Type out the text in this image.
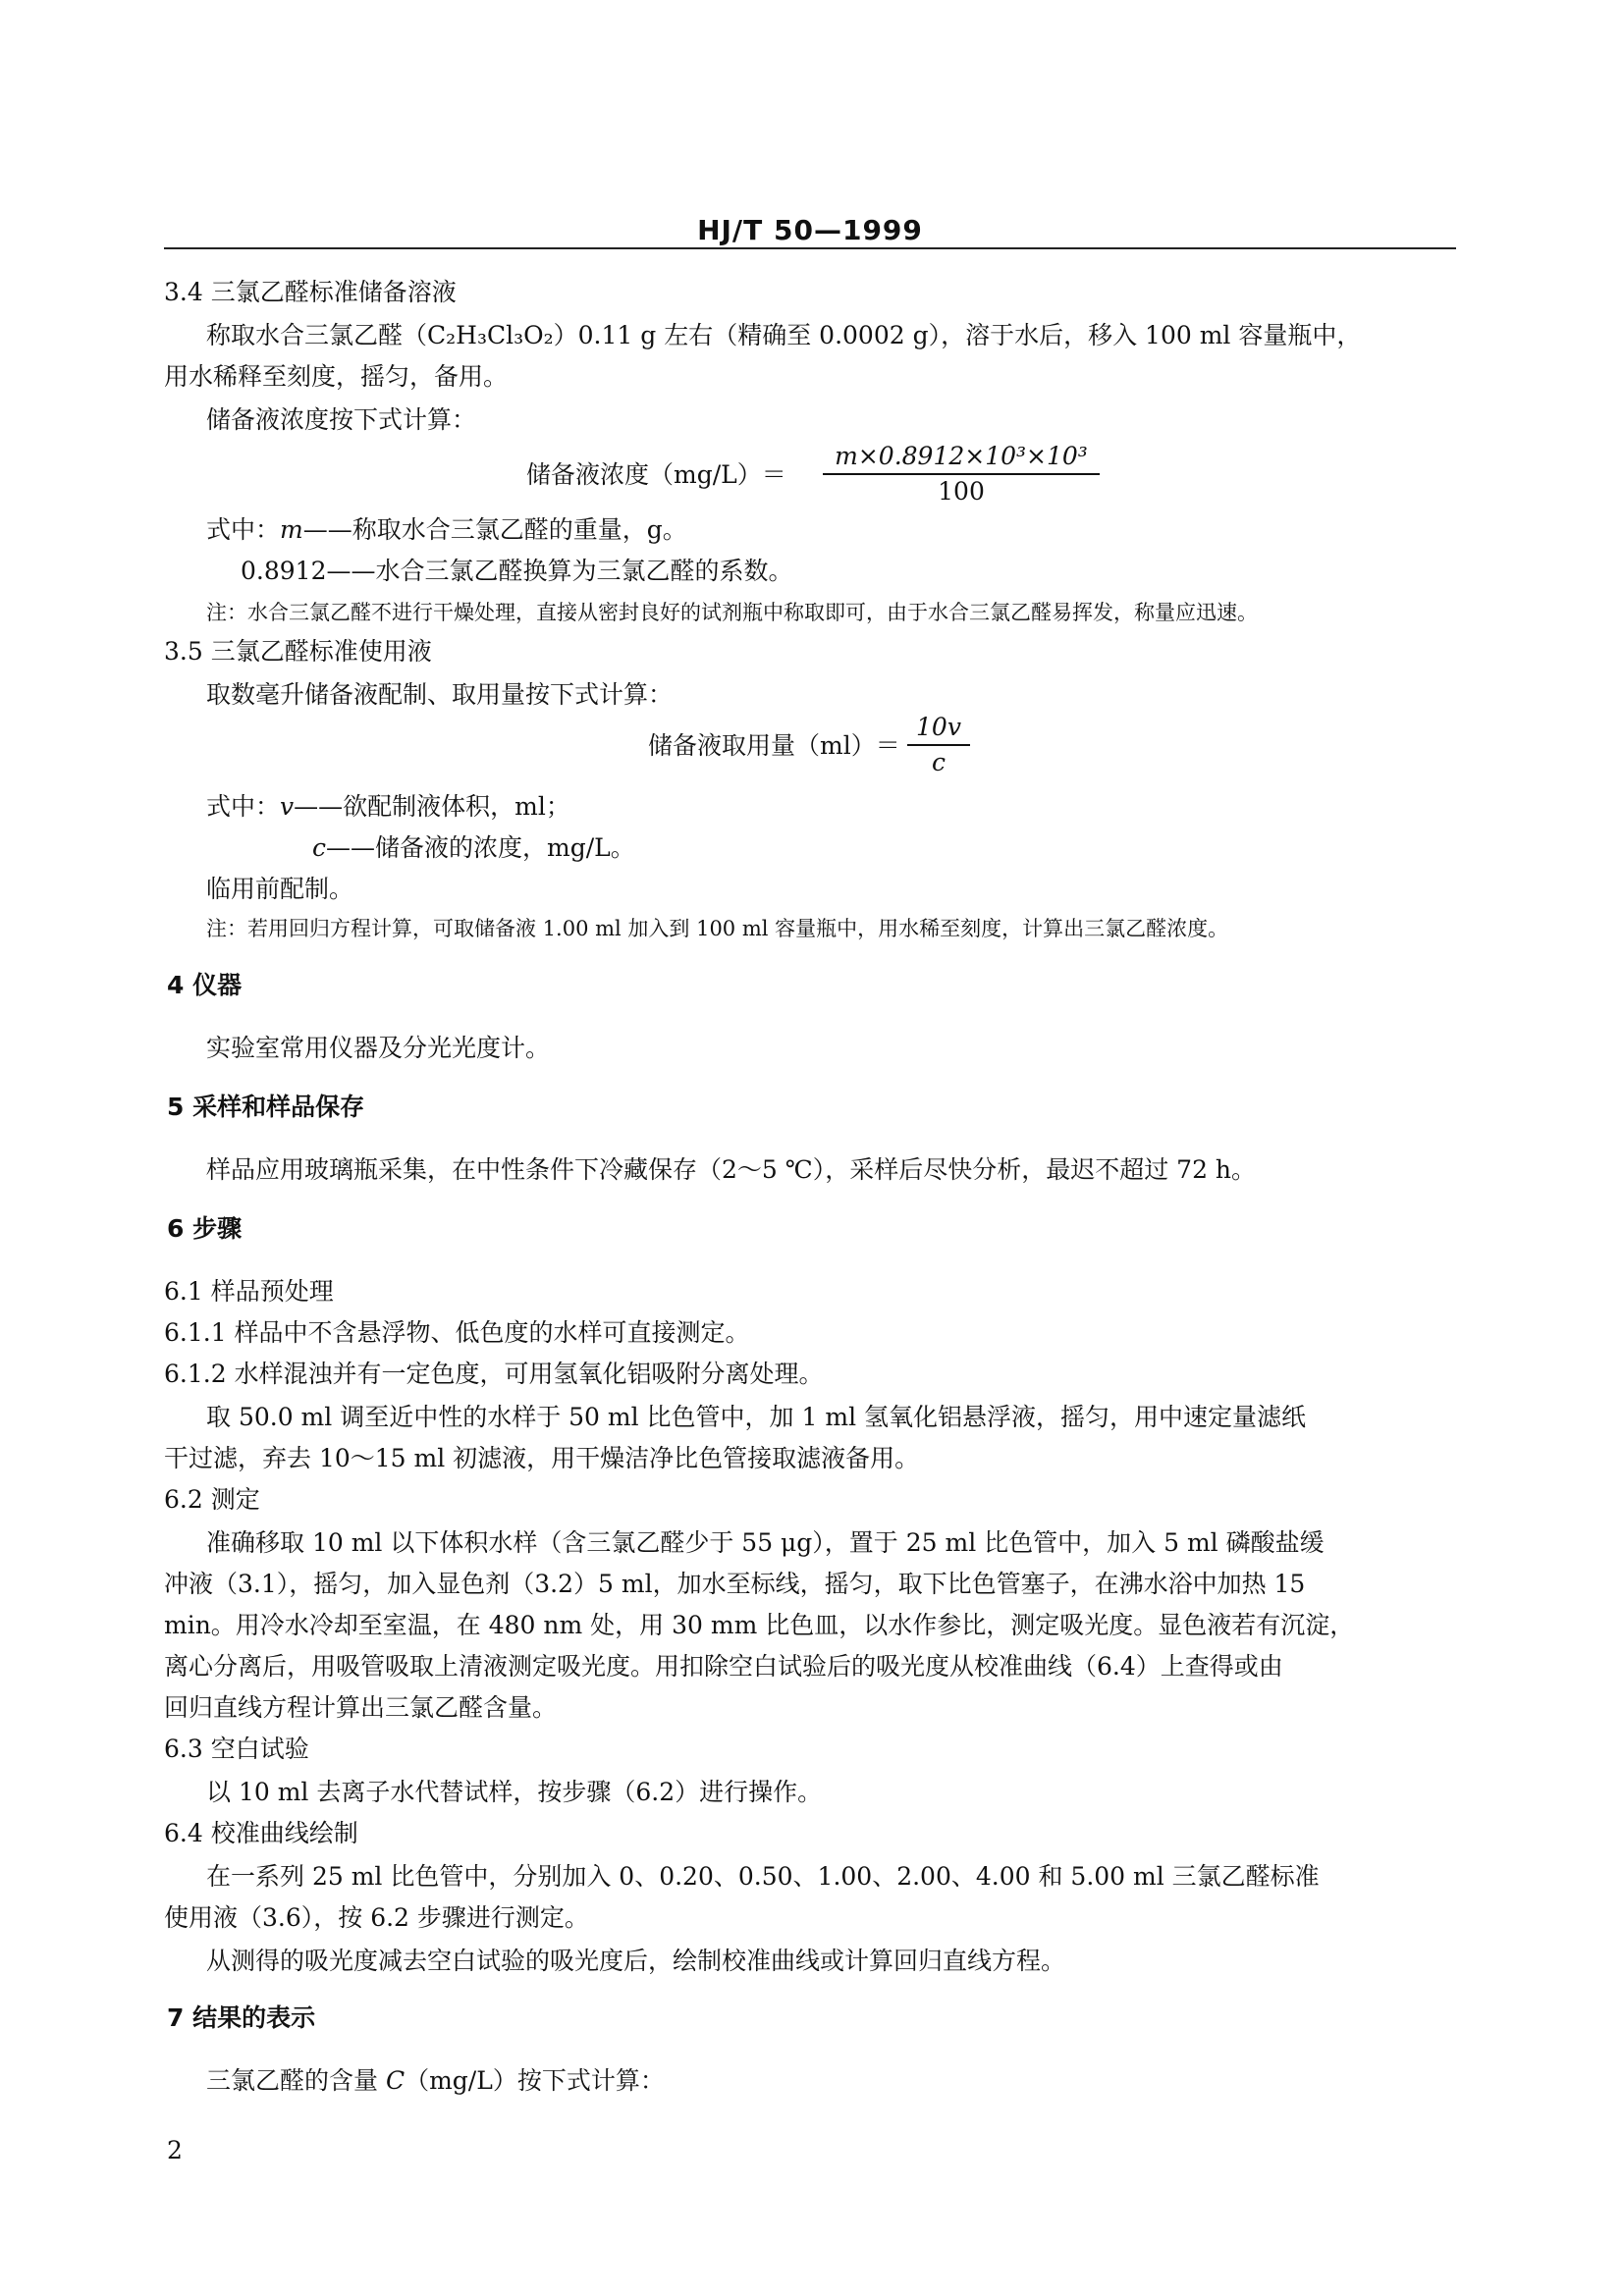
HJ/T 50—1999
3.4 三氯乙醛标准储备溶液
称取水合三氯乙醛（C₂H₃Cl₃O₂）0.11 g 左右（精确至 0.0002 g），溶于水后，移入 100 ml 容量瓶中，
用水稀释至刻度，摇匀，备用。
储备液浓度按下式计算：
储备液浓度（mg/L）＝
m×0.8912×10³×10³
100
式中：m——称取水合三氯乙醛的重量，g。
0.8912——水合三氯乙醛换算为三氯乙醛的系数。
注：水合三氯乙醛不进行干燥处理，直接从密封良好的试剂瓶中称取即可，由于水合三氯乙醛易挥发，称量应迅速。
3.5 三氯乙醛标准使用液
取数毫升储备液配制、取用量按下式计算：
储备液取用量（ml）＝
10v
c
式中：v——欲配制液体积，ml；
c——储备液的浓度，mg/L。
临用前配制。
注：若用回归方程计算，可取储备液 1.00 ml 加入到 100 ml 容量瓶中，用水稀至刻度，计算出三氯乙醛浓度。
4 仪器
实验室常用仪器及分光光度计。
5 采样和样品保存
样品应用玻璃瓶采集，在中性条件下冷藏保存（2～5 ℃），采样后尽快分析，最迟不超过 72 h。
6 步骤
6.1 样品预处理
6.1.1 样品中不含悬浮物、低色度的水样可直接测定。
6.1.2 水样混浊并有一定色度，可用氢氧化铝吸附分离处理。
取 50.0 ml 调至近中性的水样于 50 ml 比色管中，加 1 ml 氢氧化铝悬浮液，摇匀，用中速定量滤纸
干过滤，弃去 10～15 ml 初滤液，用干燥洁净比色管接取滤液备用。
6.2 测定
准确移取 10 ml 以下体积水样（含三氯乙醛少于 55 μg），置于 25 ml 比色管中，加入 5 ml 磷酸盐缓
冲液（3.1），摇匀，加入显色剂（3.2）5 ml，加水至标线，摇匀，取下比色管塞子，在沸水浴中加热 15
min。用冷水冷却至室温，在 480 nm 处，用 30 mm 比色皿，以水作参比，测定吸光度。显色液若有沉淀，
离心分离后，用吸管吸取上清液测定吸光度。用扣除空白试验后的吸光度从校准曲线（6.4）上查得或由
回归直线方程计算出三氯乙醛含量。
6.3 空白试验
以 10 ml 去离子水代替试样，按步骤（6.2）进行操作。
6.4 校准曲线绘制
在一系列 25 ml 比色管中，分别加入 0、0.20、0.50、1.00、2.00、4.00 和 5.00 ml 三氯乙醛标准
使用液（3.6），按 6.2 步骤进行测定。
从测得的吸光度减去空白试验的吸光度后，绘制校准曲线或计算回归直线方程。
7 结果的表示
三氯乙醛的含量 C（mg/L）按下式计算：
2
